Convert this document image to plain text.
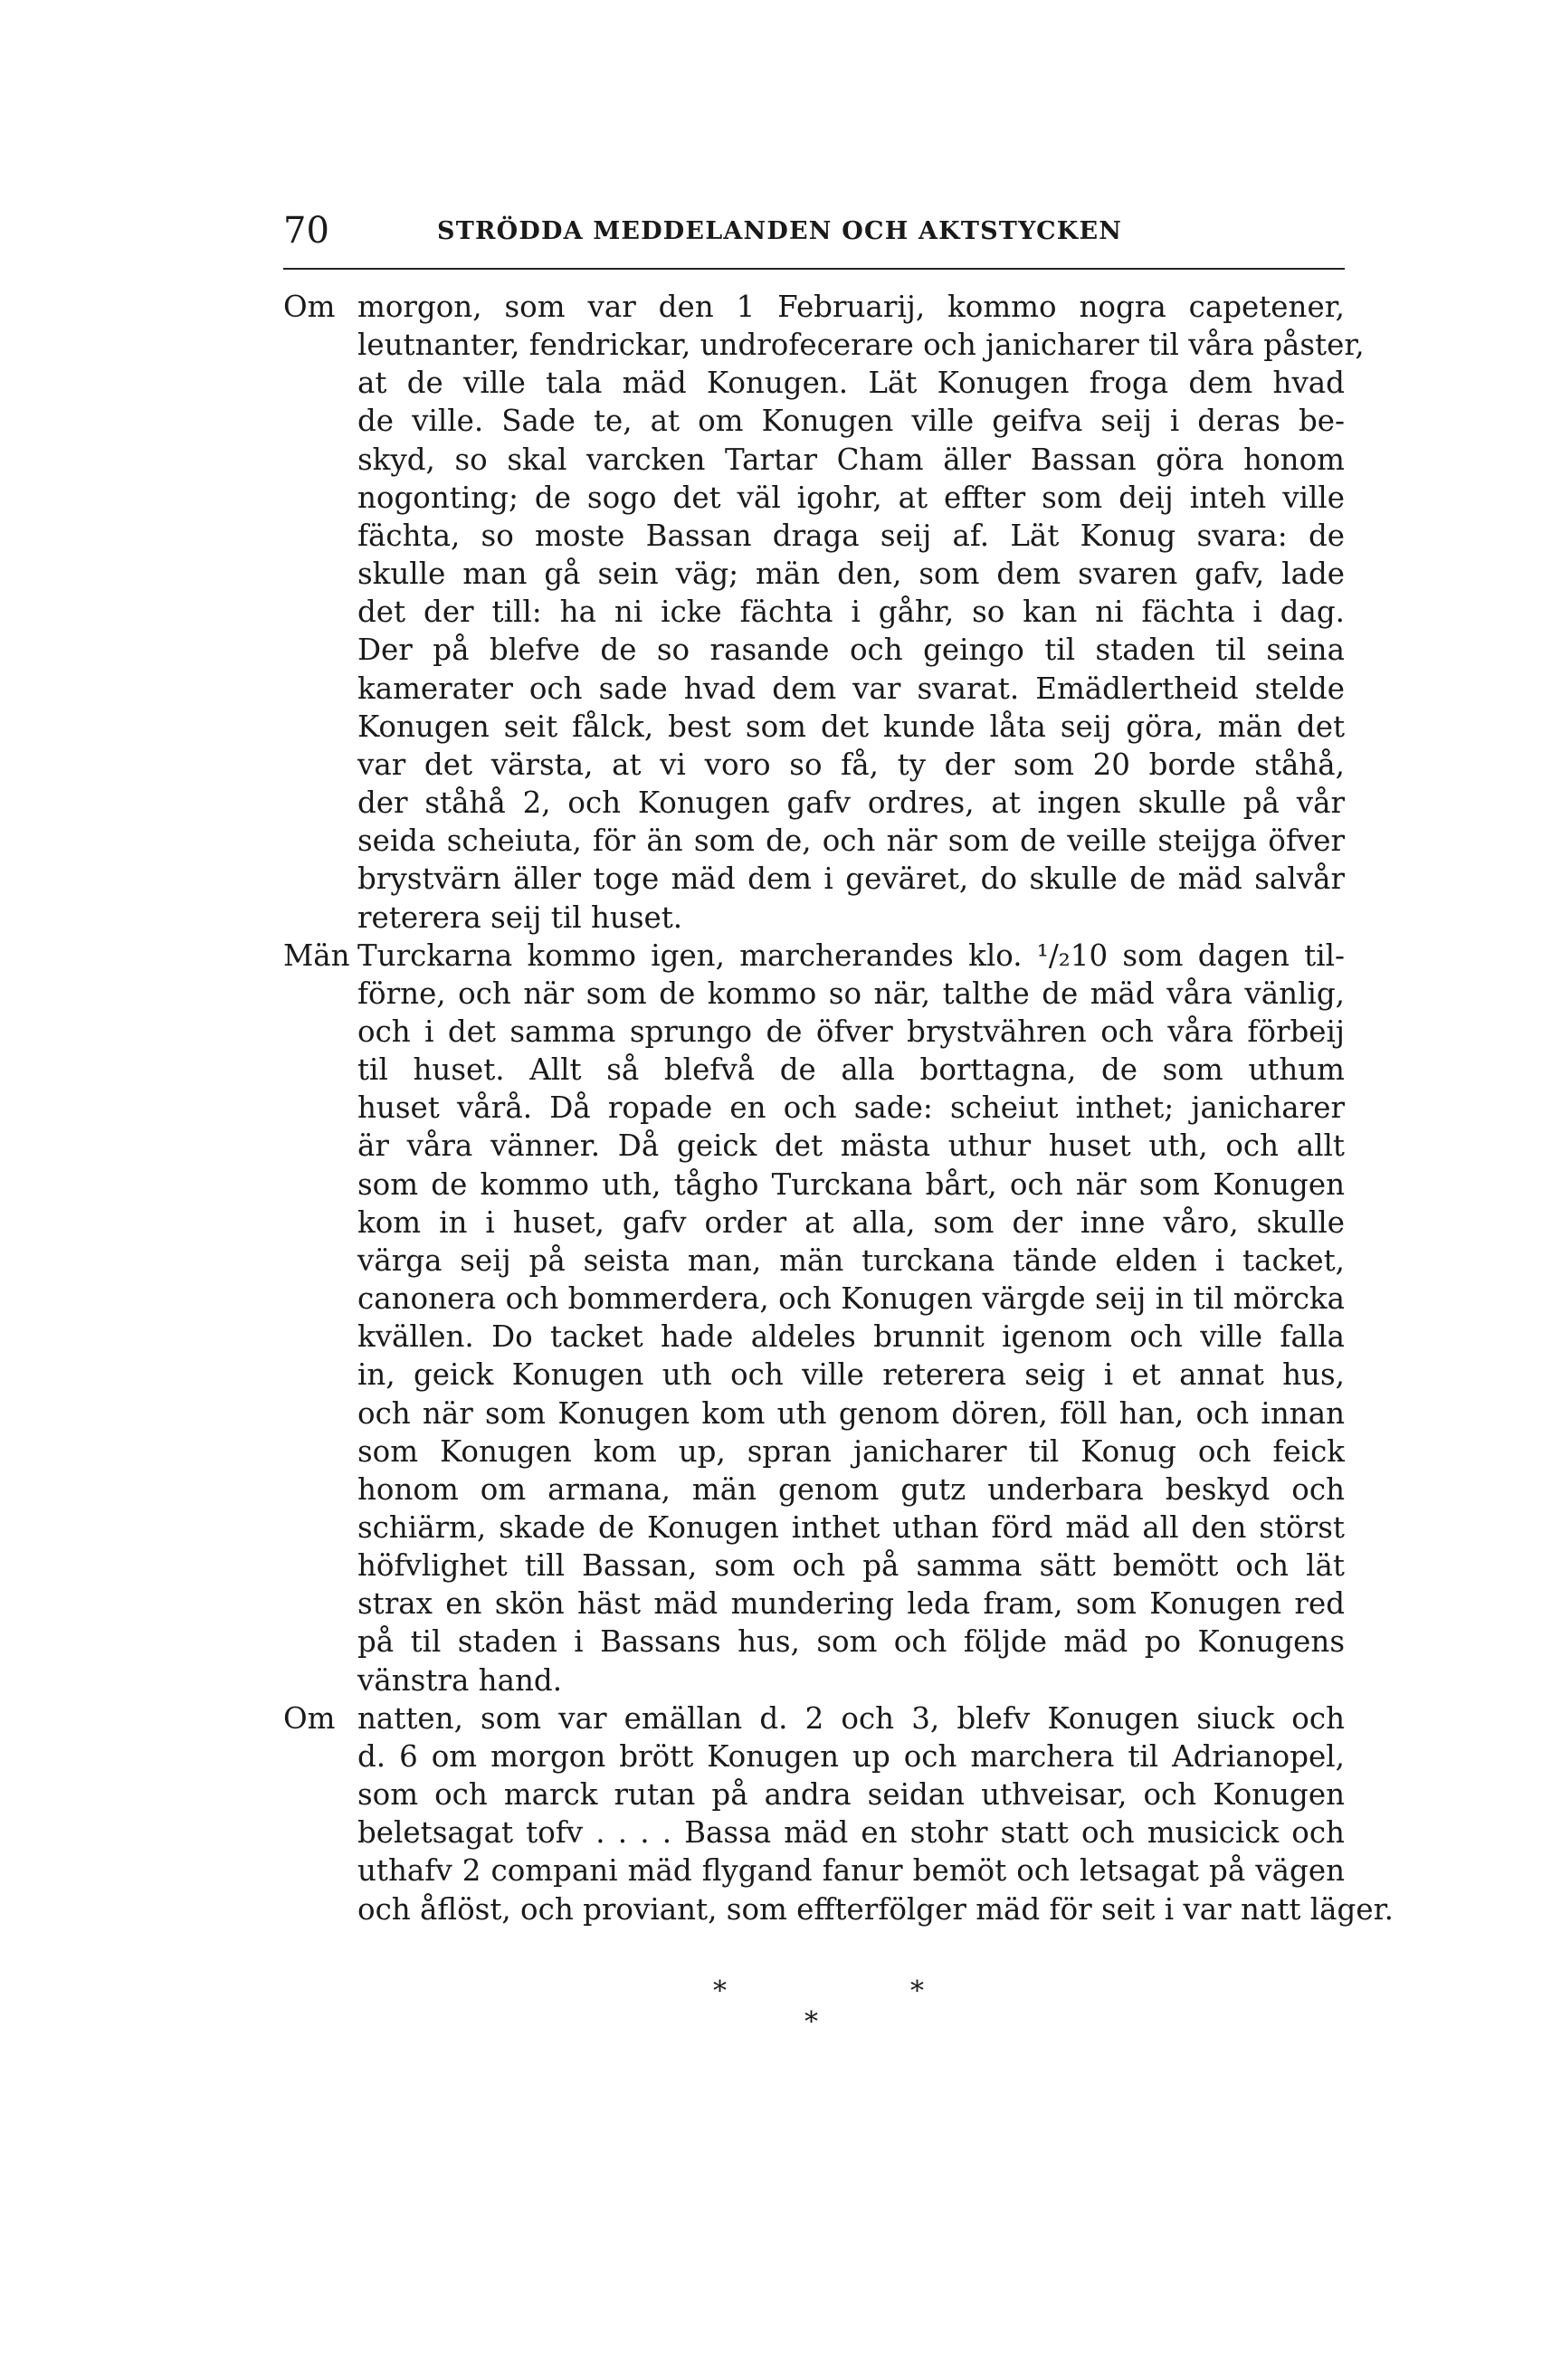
70	STRÖDDA MEDDELANDEN OCH AKTSTYCKEN
Om morgon, som var den 1 Februarij, kommo nogra capetener,
leutnanter, fendrickar, undrofecerare och janicharer til våra påster,
at de ville tala mäd Konugen. Lät Konugen froga dem hvad
de ville. Sade te, at om Konugen ville geifva seij i deras be-
skyd, so skal varcken Tartar Cham äller Bassan göra honom
nogonting; de sogo det väl igohr, at effter som deij inteh ville
fächta, so moste Bassan draga seij af. Lät Konug svara: de
skulle man gå sein väg; män den, som dem svaren gafv, lade
det der till: ha ni icke fächta i gåhr, so kan ni fächta i dag.
Der på blefve de so rasande och geingo til staden til seina
kamerater och sade hvad dem var svarat. Emädlertheid stelde
Konugen seit fålck, best som det kunde låta seij göra, män det
var det värsta, at vi voro so få, ty der som 20 borde ståhå,
der ståhå 2, och Konugen gafv ordres, at ingen skulle på vår
seida scheiuta, för än som de, och när som de veille steijga öfver
brystvärn äller toge mäd dem i geväret, do skulle de mäd salvår
reterera seij til huset.
Män Turckarna kommo igen, marcherandes klo. ¹/₂10 som dagen til-
förne, och när som de kommo so när, talthe de mäd våra vänlig,
och i det samma sprungo de öfver brystvähren och våra förbeij
til huset. Allt så blefvå de alla borttagna, de som uthum
huset vårå. Då ropade en och sade: scheiut inthet; janicharer
är våra vänner. Då geick det mästa uthur huset uth, och allt
som de kommo uth, tågho Turckana bårt, och när som Konugen
kom in i huset, gafv order at alla, som der inne våro, skulle
värga seij på seista man, män turckana tände elden i tacket,
canonera och bommerdera, och Konugen värgde seij in til mörcka
kvällen. Do tacket hade aldeles brunnit igenom och ville falla
in, geick Konugen uth och ville reterera seig i et annat hus,
och när som Konugen kom uth genom dören, föll han, och innan
som Konugen kom up, spran janicharer til Konug och feick
honom om armana, män genom gutz underbara beskyd och
schiärm, skade de Konugen inthet uthan förd mäd all den störst
höfvlighet till Bassan, som och på samma sätt bemött och lät
strax en skön häst mäd mundering leda fram, som Konugen red
på til staden i Bassans hus, som och följde mäd po Konugens
vänstra hand.
Om natten, som var emällan d. 2 och 3, blefv Konugen siuck och
d. 6 om morgon brött Konugen up och marchera til Adrianopel,
som och marck rutan på andra seidan uthveisar, och Konugen
beletsagat tofv . . . . Bassa mäd en stohr statt och musicick och
uthafv 2 compani mäd flygand fanur bemöt och letsagat på vägen
och åflöst, och proviant, som effterfölger mäd för seit i var natt läger.
*
*
*
